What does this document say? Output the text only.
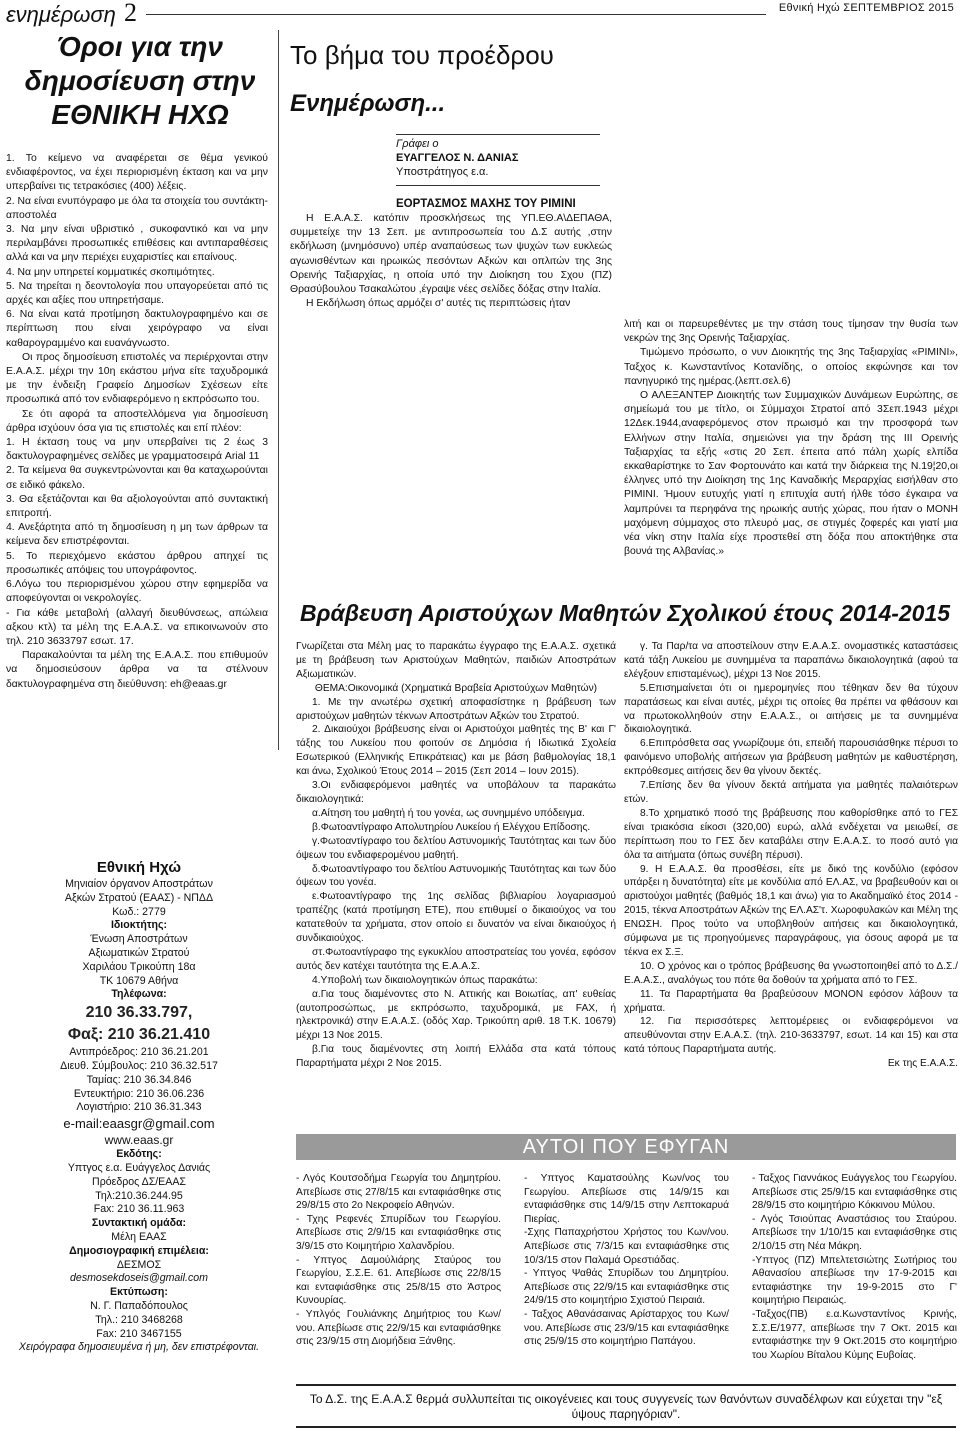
ενημέρωση 2	Εθνική Ηχώ ΣΕΠΤΕΜΒΡΙΟΣ 2015
Όροι για την δημοσίευση στην ΕΘΝΙΚΗ ΗΧΩ

1. Το κείμενο να αναφέρεται σε θέμα γενικού ενδιαφέροντος, να έχει περιορισμένη έκταση και να μην υπερβαίνει τις τετρακόσιες (400) λέξεις.

2. Να είναι ενυπόγραφο με όλα τα στοιχεία του συντάκτη- αποστολέα

3. Να μην είναι υβριστικό , συκοφαντικό και να μην περιλαμβάνει προσωπικές επιθέσεις και αντιπαραθέσεις αλλά και να μην περιέχει ευχαριστίες και επαίνους.

4. Να μην υπηρετεί κομματικές σκοπιμότητες.

5. Να τηρείται η δεοντολογία που υπαγορεύεται από τις αρχές και αξίες που υπηρετήσαμε.

6. Να είναι κατά προτίμηση δακτυλογραφημένο και σε περίπτωση που είναι χειρόγραφο να είναι καθαρογραμμένο και ευανάγνωστο.

Οι προς δημοσίευση επιστολές να περιέρχονται στην Ε.Α.Α.Σ. μέχρι την 10η εκάστου μήνα είτε ταχυδρομικά με την ένδειξη Γραφείο Δημοσίων Σχέσεων είτε προσωπικά από τον ενδιαφερόμενο η εκπρόσωπο του.

Σε ότι αφορά τα αποστελλόμενα για δημοσίευση άρθρα ισχύουν όσα για τις επιστολές και επί πλέον:

1. Η έκταση τους να μην υπερβαίνει τις 2 έως 3 δακτυλογραφημένες σελίδες με γραμματοσειρά Arial 11

2. Τα κείμενα θα συγκεντρώνονται και θα καταχωρούνται σε ειδικό φάκελο.

3. Θα εξετάζονται και θα αξιολογούνται από συντακτική επιτροπή.

4. Ανεξάρτητα από τη δημοσίευση η μη των άρθρων τα κείμενα δεν επιστρέφονται.

5. Το περιεχόμενο εκάστου άρθρου απηχεί τις προσωπικές απόψεις του υπογράφοντος.

6.Λόγω του περιορισμένου χώρου στην εφημερίδα να αποφεύγονται οι νεκρολογίες.

- Για κάθε μεταβολή (αλλαγή διευθύνσεως, απώλεια αξκου κτλ) τα μέλη της Ε.Α.Α.Σ. να επικοινωνούν στο τηλ. 210 3633797 εσωτ. 17.

Παρακαλούνται τα μέλη της Ε.Α.Α.Σ. που επιθυμούν να δημοσιεύσουν άρθρα να τα στέλνουν δακτυλογραφημένα στη διεύθυνση: eh@eaas.gr

Εθνική Ηχώ
Μηνιαίον όργανον Αποστράτων
Αξκών Στρατού (ΕΑΑΣ) - ΝΠΔΔ
Κωδ.: 2779
Ιδιοκτήτης:
Ένωση Αποστράτων
Αξιωματικών Στρατού
Χαριλάου Τρικούπη 18α
ΤΚ 10679 Αθήνα
Τηλέφωνα:
210 36.33.797,
Φαξ: 210 36.21.410
Αντιπρόεδρος: 210 36.21.201
Διευθ. Σύμβουλος: 210 36.32.517
Ταμίας: 210 36.34.846
Εντευκτήριο: 210 36.06.236
Λογιστήριο: 210 36.31.343
e-mail:eaasgr@gmail.com
www.eaas.gr
Εκδότης:
Υπτγος ε.α. Ευάγγελος Δανιάς
Πρόεδρος ΔΣ/ΕΑΑΣ
Τηλ:210.36.244.95
Fax: 210 36.11.963
Συντακτική ομάδα:
Μέλη ΕΑΑΣ
Δημοσιογραφική επιμέλεια:
ΔΕΣΜΟΣ
desmosekdoseis@gmail.com
Εκτύπωση:
Ν. Γ. Παπαδόπουλος
Τηλ.: 210 3468268
Fax: 210 3467155
Χειρόγραφα δημοσιευμένα ή μη, δεν επιστρέφονται.
Το βήμα του προέδρου
Ενημέρωση...
Γράφει ο
ΕΥΑΓΓΕΛΟΣ Ν. ΔΑΝΙΑΣ
Υποστράτηγος ε.α.
ΕΟΡΤΑΣΜΟΣ ΜΑΧΗΣ ΤΟΥ ΡΙΜΙΝΙ

Η Ε.Α.Α.Σ. κατόπιν προσκλήσεως της ΥΠ.ΕΘ.Α\ΔΕΠΑΘΑ, συμμετείχε την 13 Σεπ. με αντιπροσωπεία του Δ.Σ αυτής ,στην εκδήλωση (μνημόσυνο) υπέρ αναπαύσεως των ψυχών των ευκλεώς αγωνισθέντων και ηρωικώς πεσόντων Αξκών και οπλιτών της 3ης Ορεινής Ταξιαρχίας, η οποία υπό την Διοίκηση του Σχου (ΠΖ) Θρασύβουλου Τσακαλώτου ,έγραψε νέες σελίδες δόξας στην Ιταλία.

Η Εκδήλωση όπως αρμόζει σ' αυτές τις περιπτώσεις ήταν

λιτή και οι παρευρεθέντες με την στάση τους τίμησαν την θυσία των νεκρών της 3ης Ορεινής Ταξιαρχίας.

Τιμώμενο πρόσωπο, ο νυν Διοικητής της 3ης Ταξιαρχίας «ΡΙΜΙΝΙ», Ταξχος κ. Κωνσταντίνος Κοτανίδης, ο οποίος εκφώνησε και τον πανηγυρικό της ημέρας.(λεπτ.σελ.6)

Ο ΑΛΕΞΑΝΤΕΡ Διοικητής των Συμμαχικών Δυνάμεων Ευρώπης, σε σημείωμά του με τίτλο, οι Σύμμαχοι Στρατοί από 3Σεπ.1943 μέχρι 12Δεκ.1944,αναφερόμενος στον πρωισμό και την προσφορά των Ελλήνων στην Ιταλία, σημειώνει για την δράση της ΙΙΙ Ορεινής Ταξιαρχίας τα εξής «στις 20 Σεπ. έπειτα από πάλη χωρίς ελπίδα εκκαθαρίστηκε το Σαν Φορτουνάτο και κατά την διάρκεια της Ν.19¦20,οι έλληνες υπό την Διοίκηση της 1ης Καναδικής Μεραρχίας εισήλθαν στο ΡΙΜΙΝΙ. Ήμουν ευτυχής γιατί η επιτυχία αυτή ήλθε τόσο έγκαιρα να λαμπρύνει τα περηφάνα της ηρωικής αυτής χώρας, που ήταν ο ΜΟΝΗ μαχόμενη σύμμαχος στο πλευρό μας, σε στιγμές ζοφερές και γιατί μια νέα νίκη στην Ιταλία είχε προστεθεί στη δόξα που αποκτήθηκε στα βουνά της Αλβανίας.»

Βράβευση Αριστούχων Μαθητών Σχολικού έτους 2014-2015

Γνωρίζεται στα Μέλη μας το παρακάτω έγγραφο της Ε.Α.Α.Σ. σχετικά με τη βράβευση των Αριστούχων Μαθητών, παιδιών Αποστράτων Αξιωματικών.

ΘΕΜΑ:Οικονομικά (Χρηματικά Βραβεία Αριστούχων Μαθητών)

1. Με την ανωτέρω σχετική αποφασίστηκε η βράβευση των αριστούχων μαθητών τέκνων Αποστράτων Αξκών του Στρατού.

2. Δικαιούχοι βράβευσης είναι οι Αριστούχοι μαθητές της Β' και Γ' τάξης του Λυκείου που φοιτούν σε Δημόσια ή Ιδιωτικά Σχολεία Εσωτερικού (Ελληνικής Επικράτειας) και με βάση βαθμολογίας 18,1 και άνω, Σχολικού Έτους 2014 – 2015 (Σεπ 2014 – Ιουν 2015).

3.Οι ενδιαφερόμενοι μαθητές να υποβάλουν τα παρακάτω δικαιολογητικά:

α.Αίτηση του μαθητή ή του γονέα, ως συνημμένο υπόδειγμα.

β.Φωτοαντίγραφο Απολυτηρίου Λυκείου ή Ελέγχου Επίδοσης.

γ.Φωτοαντίγραφο του δελτίου Αστυνομικής Ταυτότητας και των δύο όψεων του ενδιαφερομένου μαθητή.

δ.Φωτοαντίγραφο του δελτίου Αστυνομικής Ταυτότητας και των δύο όψεων του γονέα.

ε.Φωτοαντίγραφο της 1ης σελίδας βιβλιαρίου λογαριασμού τραπέζης (κατά προτίμηση ΕΤΕ), που επιθυμεί ο δικαιούχος να του κατατεθούν τα χρήματα, στον οποίο ει δυνατόν να είναι δικαιούχος ή συνδικαιούχος.

στ.Φωτοαντίγραφο της εγκυκλίου αποστρατείας του γονέα, εφόσον αυτός δεν κατέχει ταυτότητα της Ε.Α.Α.Σ.

4.Υποβολή των δικαιολογητικών όπως παρακάτω:

α.Για τους διαμένοντες στο Ν. Αττικής και Βοιωτίας, απ' ευθείας (αυτοπροσώπως, με εκπρόσωπο, ταχυδρομικά, με FAX, ή ηλεκτρονικά) στην Ε.Α.Α.Σ. (οδός Χαρ. Τρικούπη αριθ. 18 Τ.Κ. 10679) μέχρι 13 Νοε 2015.

β.Για τους διαμένοντες στη λοιπή Ελλάδα στα κατά τόπους Παραρτήματα μέχρι 2 Νοε 2015.

γ. Τα Παρ/τα να αποστείλουν στην Ε.Α.Α.Σ. ονομαστικές καταστάσεις κατά τάξη Λυκείου με συνημμένα τα παραπάνω δικαιολογητικά (αφού τα ελέγξουν επισταμένως), μέχρι 13 Νοε 2015.

5.Επισημαίνεται ότι οι ημερομηνίες που τέθηκαν δεν θα τύχουν παρατάσεως και είναι αυτές, μέχρι τις οποίες θα πρέπει να φθάσουν και να πρωτοκολληθούν στην Ε.Α.Α.Σ., οι αιτήσεις με τα συνημμένα δικαιολογητικά.

6.Επιπρόσθετα σας γνωρίζουμε ότι, επειδή παρουσιάσθηκε πέρυσι το φαινόμενο υποβολής αιτήσεων για βράβευση μαθητών με καθυστέρηση, εκπρόθεσμες αιτήσεις δεν θα γίνουν δεκτές.

7.Επίσης δεν θα γίνουν δεκτά αιτήματα για μαθητές παλαιότερων ετών.

8.Το χρηματικό ποσό της βράβευσης που καθορίσθηκε από το ΓΕΣ είναι τριακόσια είκοσι (320,00) ευρώ, αλλά ενδέχεται να μειωθεί, σε περίπτωση που το ΓΕΣ δεν καταβάλει στην Ε.Α.Α.Σ. το ποσό αυτό για όλα τα αιτήματα (όπως συνέβη πέρυσι).

9. Η Ε.Α.Α.Σ. θα προσθέσει, είτε με δικό της κονδύλιο (εφόσον υπάρξει η δυνατότητα) είτε με κονδύλια από ΕΛ.ΑΣ, να βραβευθούν και οι αριστούχοι μαθητές (βαθμός 18,1 και άνω) για το Ακαδημαϊκό έτος 2014 - 2015, τέκνα Αποστράτων Αξκών της ΕΛ.ΑΣ'τ. Χωροφυλακών και Μέλη της ΕΝΩΣΗ. Προς τούτο να υποβληθούν αιτήσεις και δικαιολογητικά, σύμφωνα με τις προηγούμενες παραγράφους, για όσους αφορά με τα τέκνα ex Σ.Ξ.

10. Ο χρόνος και ο τρόπος βράβευσης θα γνωστοποιηθεί από το Δ.Σ./Ε.Α.Α.Σ., αναλόγως του πότε θα δοθούν τα χρήματα από το ΓΕΣ.

11. Τα Παραρτήματα θα βραβεύσουν ΜΟΝΟΝ εφόσον λάβουν τα χρήματα.

12. Για περισσότερες λεπτομέρειες οι ενδιαφερόμενοι να απευθύνονται στην Ε.Α.Α.Σ. (τηλ. 210-3633797, εσωτ. 14 και 15) και στα κατά τόπους Παραρτήματα αυτής.

Εκ της Ε.Α.Α.Σ.

ΑΥΤΟΙ ΠΟΥ ΕΦΥΓΑΝ

- Λγός Κουτσοδήμα Γεωργία του Δημητρίου. Απεβίωσε στις 27/8/15 και ενταφιάσθηκε στις 29/8/15 στο 2ο Νεκροφείο Αθηνών.

- Τχης Ρεφενές Σπυρίδων του Γεωργίου. Απεβίωσε στις 2/9/15 και ενταφιάσθηκε στις 3/9/15 στο Κοιμητήριο Χαλανδρίου.

- Υπτγος Δαμούλιάρης Σταύρος του Γεωργίου, Σ.Σ.Ε. 61. Απεβίωσε στις 22/8/15 και ενταφιάσθηκε στις 25/8/15 στο Άστρος Κυνουρίας.

- Υπλγός Γουλιάνκης Δημήτριος του Κων/νου. Απεβίωσε στις 22/9/15 και ενταφιάσθηκε στις 23/9/15 στη Διομήδεια Ξάνθης.

- Υπτγος Καματσούλης Κων/νος του Γεωργίου. Απεβίωσε στις 14/9/15 και ενταφιάσθηκε στις 14/9/15 στην Λεπτοκαρυά Πιερίας.

-Σχης Παπαχρήστου Χρήστος του Κων/νου. Απεβίωσε στις 7/3/15 και ενταφιάσθηκε στις 10/3/15 στον Παλαμά Ορεστιάδας.

- Υπτγος Ψαθάς Σπυρίδων του Δημητρίου. Απεβίωσε στις 22/9/15 και ενταφιάσθηκε στις 24/9/15 στο κοιμητήριο Σχιστού Πειραιά.

- Ταξχος Αθανάσαινας Αρίσταρχος του Κων/νου. Απεβίωσε στις 23/9/15 και ενταφιάσθηκε στις 25/9/15 στο κοιμητήριο Παπάγου.

- Ταξχος Γιαννάκος Ευάγγελος του Γεωργίου. Απεβίωσε στις 25/9/15 και ενταφιάσθηκε στις 28/9/15 στο κοιμητήριο Κόκκινου Μύλου.

- Λγός Τσιούπας Αναστάσιος του Σταύρου. Απεβίωσε την 1/10/15 και ενταφιάσθηκε στις 2/10/15 στη Νέα Μάκρη.

-Υπτγος (ΠΖ) Μπελτετσιώτης Σωτήριος του Αθανασίου απεβίωσε την 17-9-2015 και ενταφιάστηκε την 19-9-2015 στο Γ' κοιμητήριο Πειραιώς.

-Ταξχος(ΠΒ) ε.α.Κωνσταντίνος Κρινής, Σ.Σ.Ε/1977, απεβίωσε την 7 Οκτ. 2015 και ενταφιάστηκε την 9 Οκτ.2015 στο κοιμητήριο του Χωρίου Βίταλου Κύμης Ευβοίας.

Το Δ.Σ. της Ε.Α.Α.Σ θερμά συλλυπείται τις οικογένειες και τους συγγενείς των θανόντων συναδέλφων και εύχεται την "εξ ύψους παρηγόριαν".
